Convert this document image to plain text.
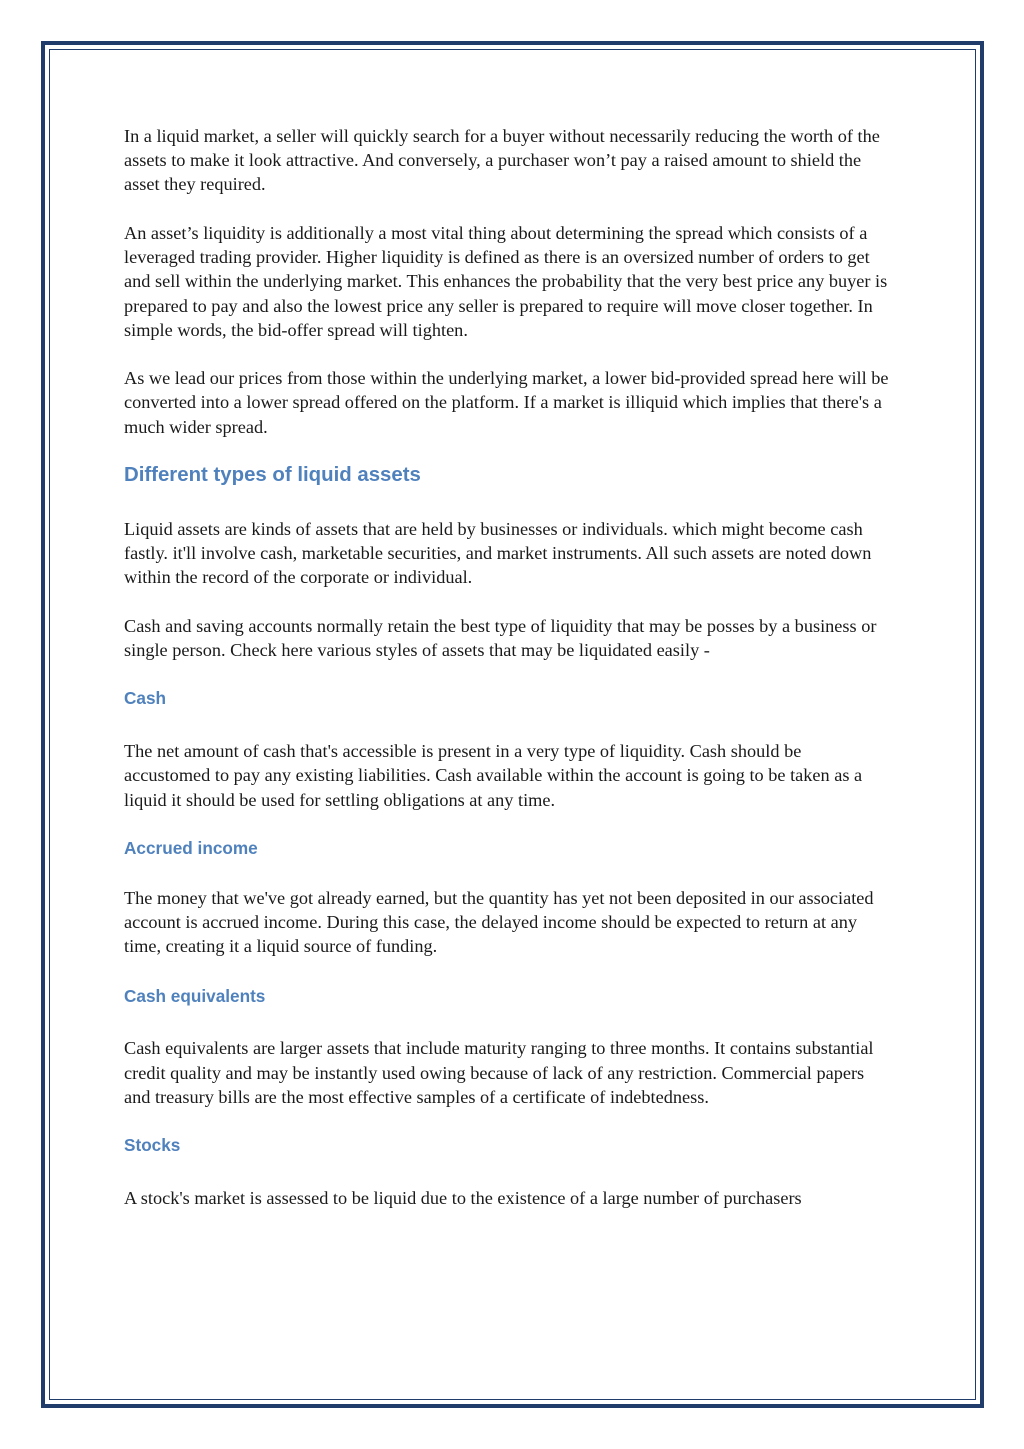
In a liquid market, a seller will quickly search for a buyer without necessarily reducing the worth of the assets to make it look attractive. And conversely, a purchaser won’t pay a raised amount to shield the asset they required.

An asset’s liquidity is additionally a most vital thing about determining the spread which consists of a leveraged trading provider. Higher liquidity is defined as there is an oversized number of orders to get and sell within the underlying market. This enhances the probability that the very best price any buyer is prepared to pay and also the lowest price any seller is prepared to require will move closer together. In simple words, the bid-offer spread will tighten.

As we lead our prices from those within the underlying market, a lower bid-provided spread here will be converted into a lower spread offered on the platform. If a market is illiquid which implies that there's a much wider spread.

Different types of liquid assets

Liquid assets are kinds of assets that are held by businesses or individuals. which might become cash fastly. it'll involve cash, marketable securities, and market instruments. All such assets are noted down within the record of the corporate or individual.

Cash and saving accounts normally retain the best type of liquidity that may be posses by a business or single person. Check here various styles of assets that may be liquidated easily -

Cash

The net amount of cash that's accessible is present in a very type of liquidity. Cash should be accustomed to pay any existing liabilities. Cash available within the account is going to be taken as a liquid it should be used for settling obligations at any time.

Accrued income

The money that we've got already earned, but the quantity has yet not been deposited in our associated account is accrued income. During this case, the delayed income should be expected to return at any time, creating it a liquid source of funding.

Cash equivalents

Cash equivalents are larger assets that include maturity ranging to three months. It contains substantial credit quality and may be instantly used owing because of lack of any restriction. Commercial papers and treasury bills are the most effective samples of a certificate of indebtedness.

Stocks

A stock's market is assessed to be liquid due to the existence of a large number of purchasers
